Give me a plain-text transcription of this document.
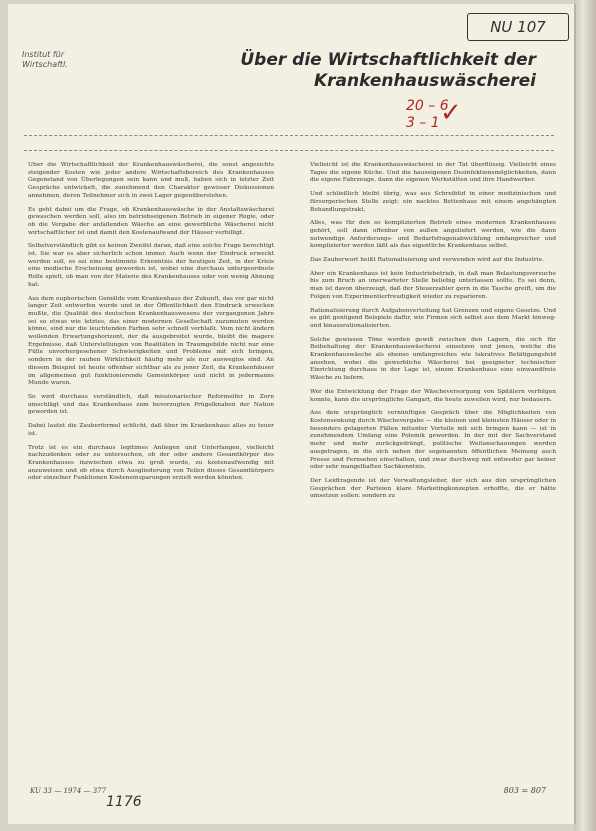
NU 107
Institut für
Wirtschaftl.	Über die Wirtschaftlichkeit der
Krankenhauswäscherei
20 – 6
3 – 1 ✓

Über die Wirtschaftlichkeit der Krankenhauswäscherei, die sonst angesichts steigender Kosten wie jeder andere Wirtschaftsbereich des Krankenhauses Gegenstand von Überlegungen sein kann und muß, haben sich in letzter Zeit Gespräche entwickelt, die zunehmend den Charakter gewisser Diskussionen annehmen, deren Teilnehmer sich in zwei Lager gegenüberstehen.

Es geht dabei um die Frage, ob Krankenhauswäsche in der Anstaltswäscherei gewaschen werden soll, also im betriebseigenen Betrieb in eigener Regie, oder ob die Vergabe der anfallenden Wäsche an eine gewerbliche Wäscherei nicht wirtschaftlicher ist und damit den Kostenaufwand der Häuser verbilligt.

Selbstverständlich gibt es keinen Zweifel daran, daß eine solche Frage berechtigt ist. Sie war es aber sicherlich schon immer. Auch wenn der Eindruck erweckt werden soll, es sei eine bestimmte Erkenntnis der heutigen Zeit, in der Krisis eine modische Erscheinung geworden ist, wobei eine durchaus untergeordnete Rolle spielt, ob man von der Materie des Krankenhauses oder von wenig Ahnung hat.

Aus dem euphorischen Gemälde vom Krankenhaus der Zukunft, das vor gar nicht langer Zeit entworfen wurde und in der Öffentlichkeit den Eindruck erwecken mußte, die Qualität des deutschen Krankenhauswesens der vergangenen Jahre sei so etwas wie letztes, das einer modernen Gesellschaft zuzumuten werden könne, sind nur die leuchtenden Farben sehr schnell verblaßt. Vom nicht ändern wollenden Erwartungshorizont, der da ausgebreitet wurde, bleibt die magere Ergebnisse, daß Unterstellungen von Realitäten in Traumgebilde nicht nur eine Fülle unvorhergesehener Schwierigkeiten und Probleme mit sich bringen, sondern in der rauhen Wirklichkeit häufig mehr als nur ausweglos sind. An diesem Beispiel ist heute offenbar sichtbar als zu jener Zeit, da Krankenhäuser im allgemeinen gut funktionierende Gemeinkörper und nicht in jedermanns Munde waren.

So wird durchaus verständlich, daß missionarischer Reformeifer in Zorn umschlägt und das Krankenhaus zum bevorzugten Prügelknaben der Nation geworden ist.

Dabei lautet die Zauberformel schlicht, daß über im Krankenhaus alles zu teuer ist.

Trotz ist es ein durchaus legitimes Anliegen und Unterfangen, vielleicht nachzudenken oder zu untersuchen, ob der oder andere Gesamtkörper des Krankenhauses inzwischen etwa zu groß wurde, zu kostenaufwendig mit anzuweisen und ob etwa durch Ausgliederung von Teilen dieses Gesamtkörpers oder einzelner Funktionen Kosteneinsparungen erzielt werden könnten.

Vielleicht ist die Krankenhauswäscherei in der Tat überflüssig. Vielleicht eines Tages die eigene Küche. Und die hauseigenen Desinfektionsmöglichkeiten, dann die eigene Fahrzeuge, dann die eigenen Werkstätten und ihre Handwerker.

Und schließlich bleibt übrig, was aus Schreibtid in einer medizinischen und fürsorgerischen Stelle zeigt: ein nacktes Bettenhaus mit einem angehängten Behandlungstrakt.

Alles, was für den so komplizierten Betrieb eines modernen Krankenhauses gehört, soll dann offenbar von außen angeliefert werden, wie die dann notwendige Anforderungs- und Bedarfsfragenabwicklung umfangreicher und komplizierter werden läßt als das eigentliche Krankenhaus selbst.

Das Zauberwort heißt Rationalisierung und verwenden wird auf die Industrie.

Aber ein Krankenhaus ist kein Industriebetrieb, in daß man Belastungsversuche bis zum Bruch an unerwarteter Stelle beliebig unterlassen sollte. Es sei denn, man ist davon überzeugt, daß der Steuerzahler gern in die Tasche greift, um die Folgen von Experimentierfreudigkeit wieder zu reparieren.

Rationalisierung durch Aufgabenverteilung hat Grenzen und eigene Gesetze. Und es gibt genügend Beispiele dafür, wie Firmen sich selbst aus dem Markt hinweg- und hinausrationalisierten.

Solche gewissen Töne werden gewiß zwischen den Lagern, die sich für Beibehaltung der Krankenhauswäscherei einsetzen und jenen, welche die Krankenhauswäsche als ebenso umfangreiches wie lukratives Betätigungsfeld ansehen, wobei die gewerbliche Wäscherei bei geeigneter technischer Einrichtung durchaus in der Lage ist, einem Krankenhaus eine einwandfreie Wäsche zu liefern.

Wer die Entwicklung der Frage der Wäscheversorgung von Spitälern verfolgen konnte, kann die ursprüngliche Gangart, die heute zuweilen wird, nur bedauern.

Aus dem ursprünglich vernünftigen Gespräch über die Möglichkeiten von Kostensenkung durch Wäschevergabe — die kleinen und kleinsten Häuser oder in besonders gelagerten Fällen mitunter Vorteile mit sich bringen kann — ist in zunehmendem Umfang eine Polemik geworden. In der mit der Sachverstand mehr und mehr zurückgedrängt, politische Weitanschauungen werden ausgetragen, in die sich neben der sogenannten öffentlichen Meinung auch Presse und Fernsehen einschalten, und zwar durchweg mit entweder gar keiner oder sehr mangelhaften Sachkenntnis.

Der Leidtragende ist der Verwaltungsleiter, der sich aus den ursprünglichen Gesprächen der Parteien klare Marketingkonzepten erhoffte, die er hätte umsetzen sollen; sondern zu

KU 33 — 1974 — 377
1176
803 = 807
